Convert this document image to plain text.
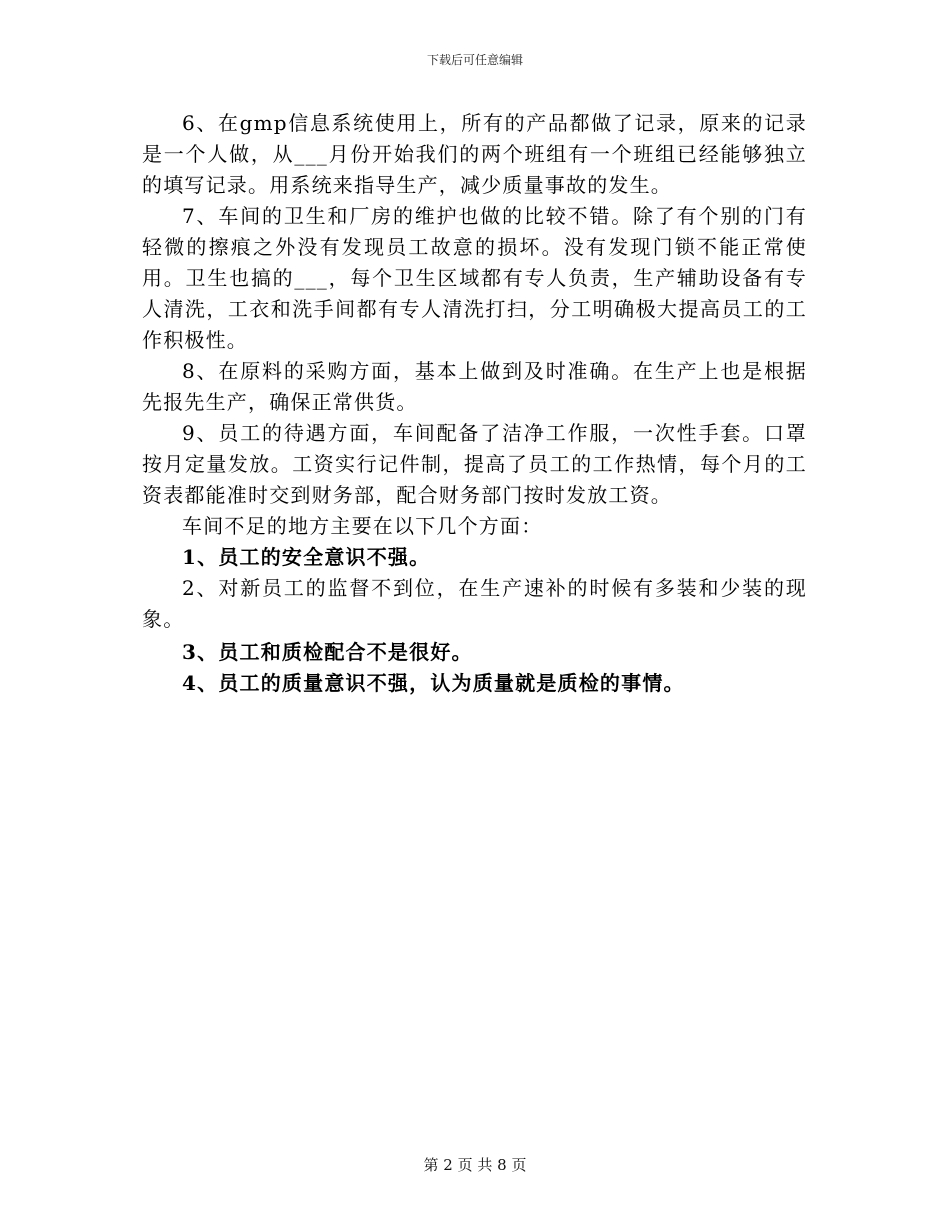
下载后可任意编辑

6、在gmp信息系统使用上，所有的产品都做了记录，原来的记录是一个人做，从___月份开始我们的两个班组有一个班组已经能够独立的填写记录。用系统来指导生产，减少质量事故的发生。

7、车间的卫生和厂房的维护也做的比较不错。除了有个别的门有轻微的擦痕之外没有发现员工故意的损坏。没有发现门锁不能正常使用。卫生也搞的___，每个卫生区域都有专人负责，生产辅助设备有专人清洗，工衣和洗手间都有专人清洗打扫，分工明确极大提高员工的工作积极性。

8、在原料的采购方面，基本上做到及时准确。在生产上也是根据先报先生产，确保正常供货。

9、员工的待遇方面，车间配备了洁净工作服，一次性手套。口罩按月定量发放。工资实行记件制，提高了员工的工作热情，每个月的工资表都能准时交到财务部，配合财务部门按时发放工资。

车间不足的地方主要在以下几个方面：

1、员工的安全意识不强。

2、对新员工的监督不到位，在生产速补的时候有多装和少装的现象。

3、员工和质检配合不是很好。

4、员工的质量意识不强，认为质量就是质检的事情。

第 2 页 共 8 页
